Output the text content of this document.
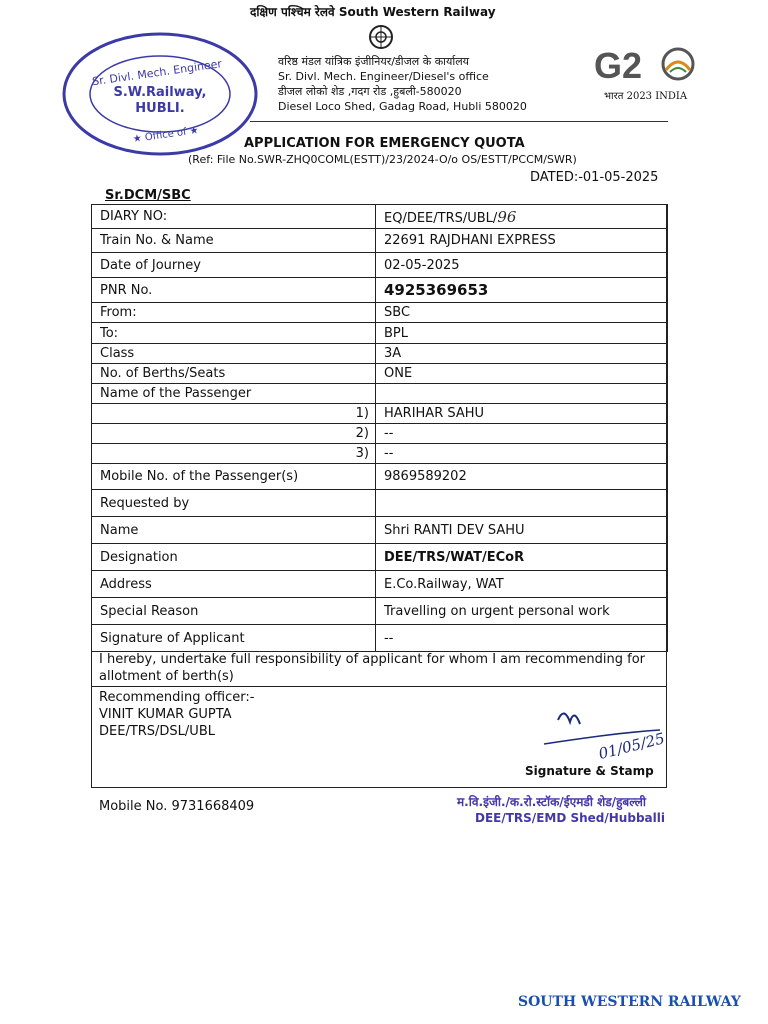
दक्षिण पश्चिम रेलवे South Western Railway
वरिष्ठ मंडल यांत्रिक इंजीनियर/डीजल के कार्यालय
Sr. Divl. Mech. Engineer/Diesel's office
डीजल लोको शेड ,गदग रोड ,हुबली-580020
Diesel Loco Shed, Gadag Road, Hubli 580020
Sr. Divl. Mech. Engineer
S.W.Railway,
HUBLI.
★ Office of ★
G2
भारत 2023 INDIA
APPLICATION FOR EMERGENCY QUOTA
(Ref: File No.SWR-ZHQ0COML(ESTT)/23/2024-O/o OS/ESTT/PCCM/SWR)
DATED:-01-05-2025
Sr.DCM/SBC
DIARY NO:	EQ/DEE/TRS/UBL/96
Train No. & Name	22691 RAJDHANI EXPRESS
Date of Journey	02-05-2025
PNR No.	4925369653
From:	SBC
To:	BPL
Class	3A
No. of Berths/Seats	ONE
Name of the Passenger	
1)	HARIHAR SAHU
2)	--
3)	--
Mobile No. of the Passenger(s)	9869589202
Requested by	
Name	Shri RANTI DEV SAHU
Designation	DEE/TRS/WAT/ECoR
Address	E.Co.Railway, WAT
Special Reason	Travelling on urgent personal work
Signature of Applicant	--
I hereby, undertake full responsibility of applicant for whom I am recommending for allotment of berth(s)
Recommending officer:-
VINIT KUMAR GUPTA
DEE/TRS/DSL/UBL	01/05/25
Signature & Stamp
Mobile No. 9731668409	म.वि.इंजी./क.रो.स्टॉक/ईएमडी शेड/हुबल्ली
DEE/TRS/EMD Shed/Hubballi
SOUTH WESTERN RAILWAY
